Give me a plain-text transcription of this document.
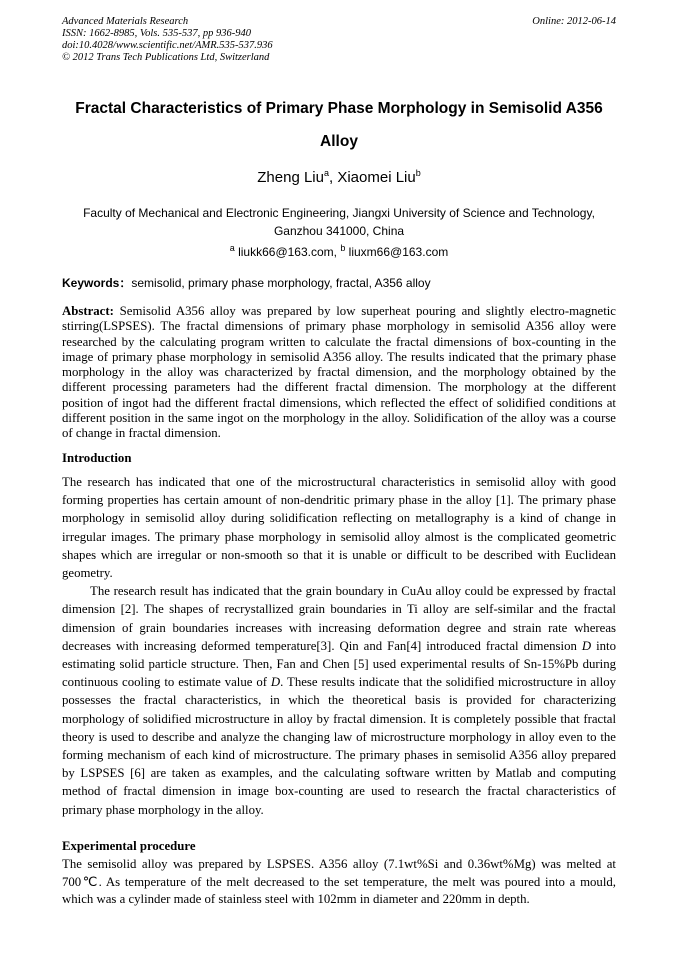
Advanced Materials Research
ISSN: 1662-8985, Vols. 535-537, pp 936-940
doi:10.4028/www.scientific.net/AMR.535-537.936
© 2012 Trans Tech Publications Ltd, Switzerland
Online: 2012-06-14
Fractal Characteristics of Primary Phase Morphology in Semisolid A356
Alloy
Zheng Liu$^a$, Xiaomei Liu$^b$
Faculty of Mechanical and Electronic Engineering, Jiangxi University of Science and Technology,
Ganzhou 341000, China
$^a$ liukk66@163.com, $^b$ liuxm66@163.com
Keywords：semisolid, primary phase morphology, fractal, A356 alloy
Abstract: Semisolid A356 alloy was prepared by low superheat pouring and slightly electro-magnetic stirring(LSPSES). The fractal dimensions of primary phase morphology in semisolid A356 alloy were researched by the calculating program written to calculate the fractal dimensions of box-counting in the image of primary phase morphology in semisolid A356 alloy. The results indicated that the primary phase morphology in the alloy was characterized by fractal dimension, and the morphology obtained by the different processing parameters had the different fractal dimension. The morphology at the different position of ingot had the different fractal dimensions, which reflected the effect of solidified conditions at different position in the same ingot on the morphology in the alloy. Solidification of the alloy was a course of change in fractal dimension.
Introduction

The research has indicated that one of the microstructural characteristics in semisolid alloy with good forming properties has certain amount of non-dendritic primary phase in the alloy [1]. The primary phase morphology in semisolid alloy during solidification reflecting on metallography is a kind of change in irregular images. The primary phase morphology in semisolid alloy almost is the complicated geometric shapes which are irregular or non-smooth so that it is unable or difficult to be described with Euclidean geometry.

The research result has indicated that the grain boundary in CuAu alloy could be expressed by fractal dimension [2]. The shapes of recrystallized grain boundaries in Ti alloy are self-similar and the fractal dimension of grain boundaries increases with increasing deformation degree and strain rate whereas decreases with increasing deformed temperature[3]. Qin and Fan[4] introduced fractal dimension D into estimating solid particle structure. Then, Fan and Chen [5] used experimental results of Sn-15%Pb during continuous cooling to estimate value of D. These results indicate that the solidified microstructure in alloy possesses the fractal characteristics, in which the theoretical basis is provided for characterizing morphology of solidified microstructure in alloy by fractal dimension. It is completely possible that fractal theory is used to describe and analyze the changing law of microstructure morphology in alloy even to the forming mechanism of each kind of microstructure. The primary phases in semisolid A356 alloy prepared by LSPSES [6] are taken as examples, and the calculating software written by Matlab and computing method of fractal dimension in image box-counting are used to research the fractal characteristics of primary phase morphology in the alloy.

Experimental procedure
The semisolid alloy was prepared by LSPSES. A356 alloy (7.1wt%Si and 0.36wt%Mg) was melted at 700℃. As temperature of the melt decreased to the set temperature, the melt was poured into a mould, which was a cylinder made of stainless steel with 102mm in diameter and 220mm in depth.
